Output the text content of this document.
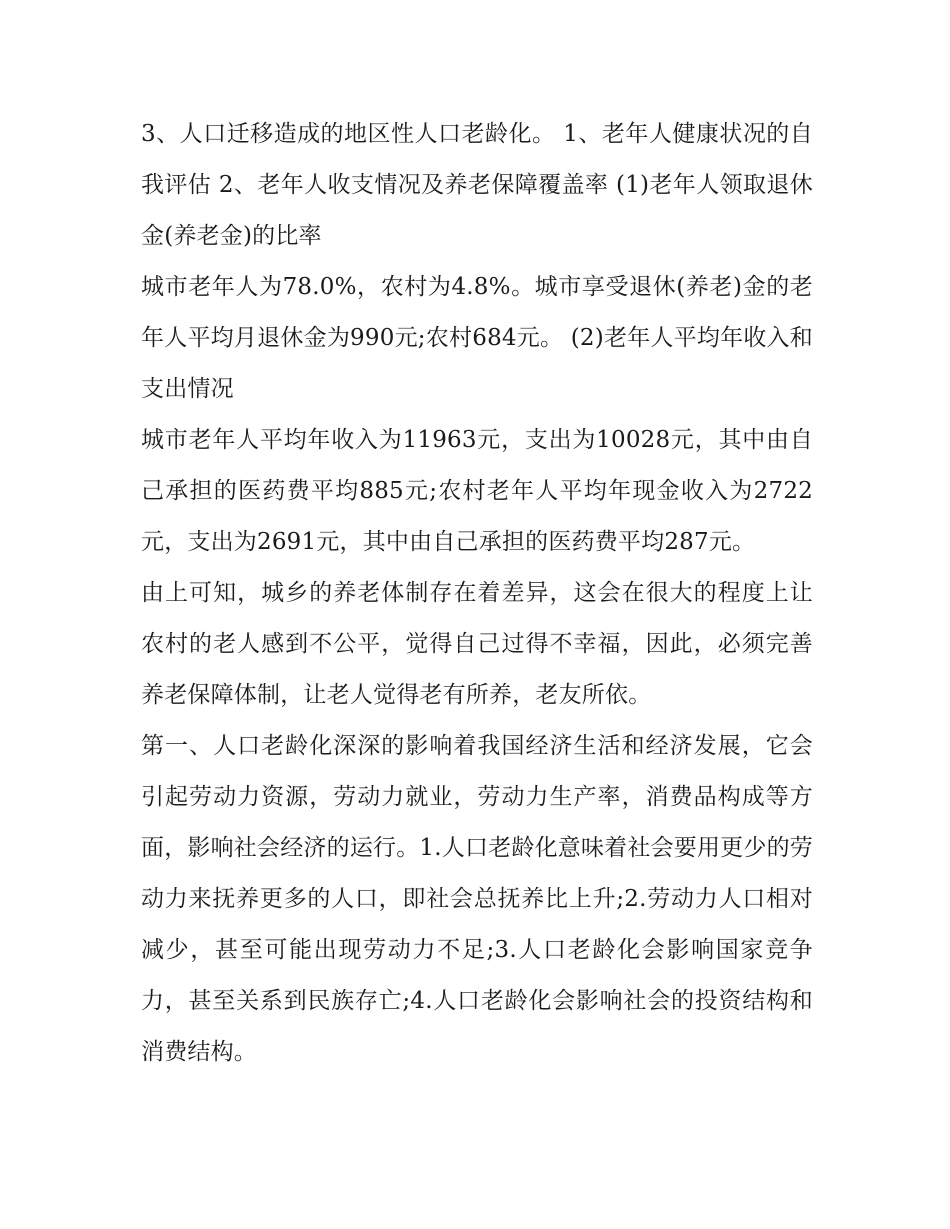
3、人口迁移造成的地区性人口老龄化。 1、老年人健康状况的自我评估 2、老年人收支情况及养老保障覆盖率 (1)老年人领取退休金(养老金)的比率

城市老年人为78.0%，农村为4.8%。城市享受退休(养老)金的老年人平均月退休金为990元;农村684元。 (2)老年人平均年收入和支出情况

城市老年人平均年收入为11963元，支出为10028元，其中由自己承担的医药费平均885元;农村老年人平均年现金收入为2722元，支出为2691元，其中由自己承担的医药费平均287元。

由上可知，城乡的养老体制存在着差异，这会在很大的程度上让农村的老人感到不公平，觉得自己过得不幸福，因此，必须完善养老保障体制，让老人觉得老有所养，老友所依。

第一、人口老龄化深深的影响着我国经济生活和经济发展，它会引起劳动力资源，劳动力就业，劳动力生产率，消费品构成等方面，影响社会经济的运行。1.人口老龄化意味着社会要用更少的劳动力来抚养更多的人口，即社会总抚养比上升;2.劳动力人口相对减少，甚至可能出现劳动力不足;3.人口老龄化会影响国家竞争力，甚至关系到民族存亡;4.人口老龄化会影响社会的投资结构和消费结构。
